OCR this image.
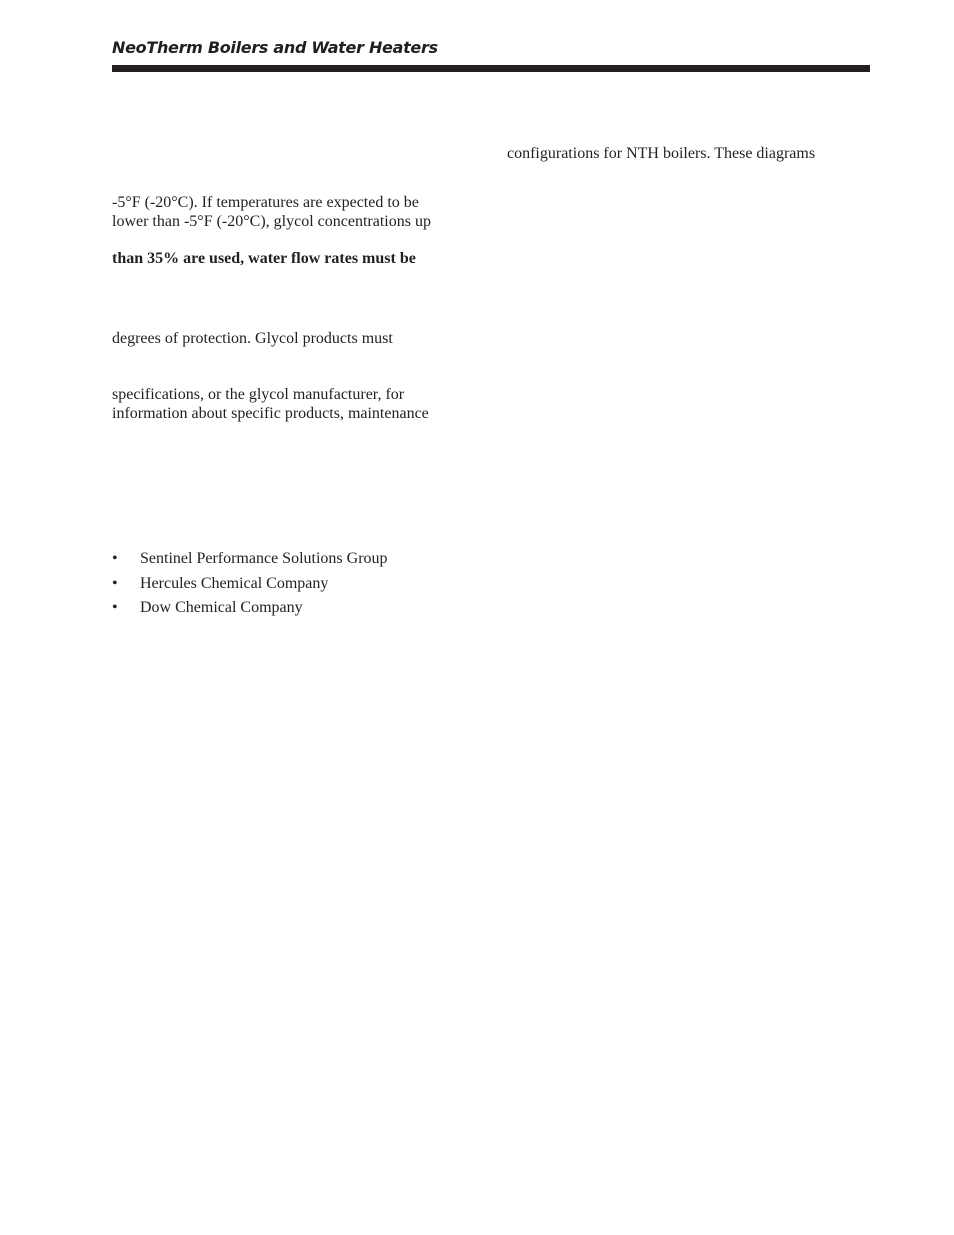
NeoTherm Boilers and Water Heaters
configurations for NTH boilers. These diagrams
-5°F (-20°C). If temperatures are expected to be
lower than -5°F (-20°C), glycol concentrations up
than 35% are used, water flow rates must be
degrees of protection. Glycol products must
specifications, or the glycol manufacturer, for
information about specific products, maintenance
• Sentinel Performance Solutions Group
• Hercules Chemical Company
• Dow Chemical Company
